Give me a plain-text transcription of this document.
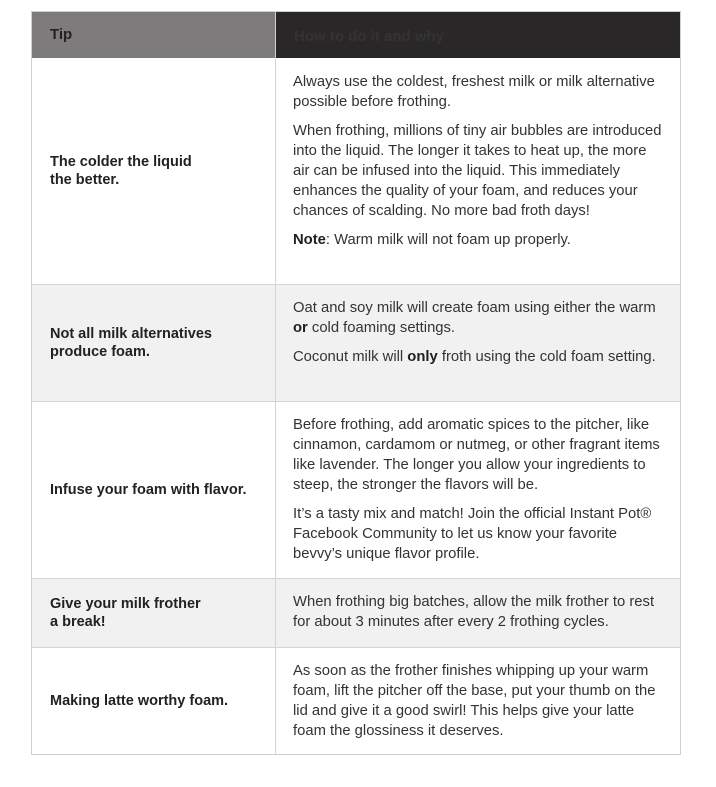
Tip	How to do it and why
The colder the liquid
the better.

Always use the coldest, freshest milk or milk alternative possible before frothing.

When frothing, millions of tiny air bubbles are introduced into the liquid. The longer it takes to heat up, the more air can be infused into the liquid. This immediately enhances the quality of your foam, and reduces your chances of scalding. No more bad froth days!

Note: Warm milk will not foam up properly.

Not all milk alternatives
produce foam.

Oat and soy milk will create foam using either the warm or cold foaming settings.

Coconut milk will only froth using the cold foam setting.

Infuse your foam with flavor.

Before frothing, add aromatic spices to the pitcher, like cinnamon, cardamom or nutmeg, or other fragrant items like lavender. The longer you allow your ingredients to steep, the stronger the flavors will be.

It’s a tasty mix and match! Join the official Instant Pot® Facebook Community to let us know your favorite bevvy’s unique flavor profile.

Give your milk frother
a break!

When frothing big batches, allow the milk frother to rest for about 3 minutes after every 2 frothing cycles.

Making latte worthy foam.

As soon as the frother finishes whipping up your warm foam, lift the pitcher off the base, put your thumb on the lid and give it a good swirl! This helps give your latte foam the glossiness it deserves.
